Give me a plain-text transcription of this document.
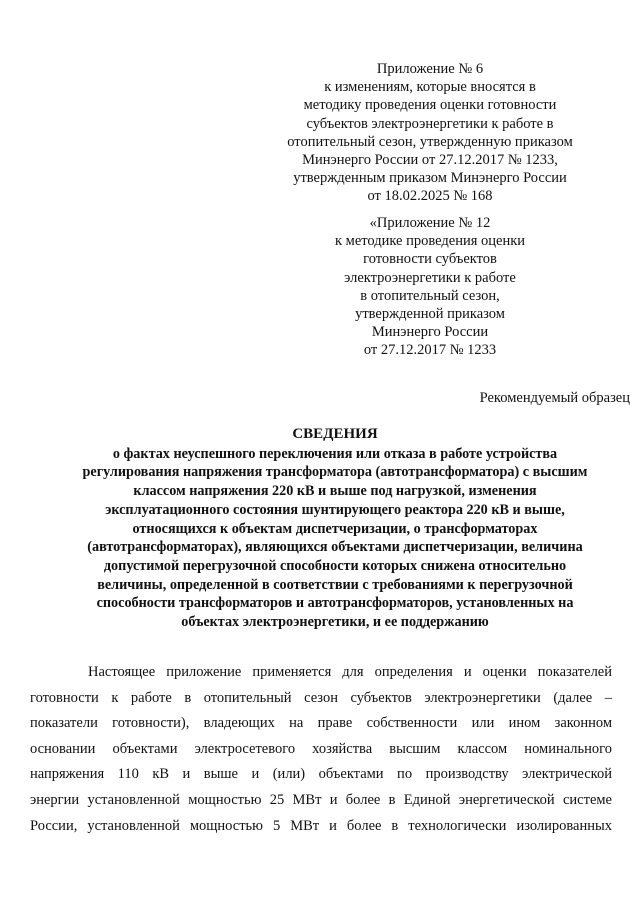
Приложение № 6
к изменениям, которые вносятся в
методику проведения оценки готовности
субъектов электроэнергетики к работе в
отопительный сезон, утвержденную приказом
Минэнерго России от 27.12.2017 № 1233,
утвержденным приказом Минэнерго России
от 18.02.2025 № 168
«Приложение № 12
к методике проведения оценки
готовности субъектов
электроэнергетики к работе
в отопительный сезон,
утвержденной приказом
Минэнерго России
от 27.12.2017 № 1233
Рекомендуемый образец
СВЕДЕНИЯ
о фактах неуспешного переключения или отказа в работе устройства
регулирования напряжения трансформатора (автотрансформатора) с высшим
классом напряжения 220 кВ и выше под нагрузкой, изменения
эксплуатационного состояния шунтирующего реактора 220 кВ и выше,
относящихся к объектам диспетчеризации, о трансформаторах
(автотрансформаторах), являющихся объектами диспетчеризации, величина
допустимой перегрузочной способности которых снижена относительно
величины, определенной в соответствии с требованиями к перегрузочной
способности трансформаторов и автотрансформаторов, установленных на
объектах электроэнергетики, и ее поддержанию
Настоящее приложение применяется для определения и оценки показателей
готовности к работе в отопительный сезон субъектов электроэнергетики (далее –
показатели готовности), владеющих на праве собственности или ином законном
основании объектами электросетевого хозяйства высшим классом номинального
напряжения 110 кВ и выше и (или) объектами по производству электрической
энергии установленной мощностью 25 МВт и более в Единой энергетической системе
России, установленной мощностью 5 МВт и более в технологически изолированных
